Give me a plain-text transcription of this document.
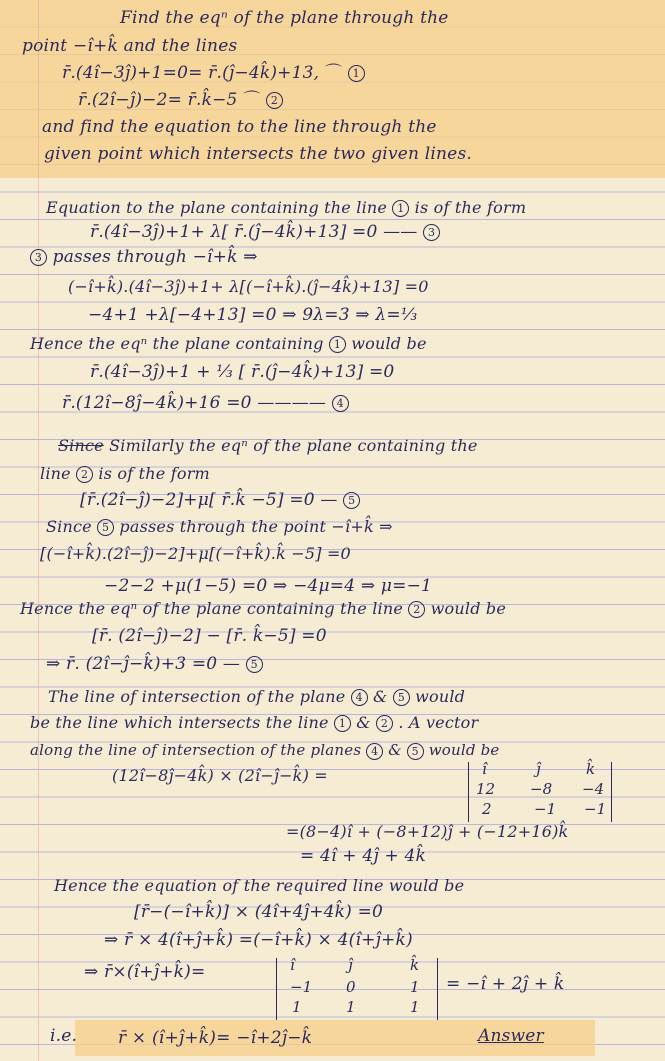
Find the eqⁿ of the plane through the
point −î+k̂ and the lines
r̄.(4î−3ĵ)+1=0= r̄.(ĵ−4k̂)+13, ⌒ 1
r̄.(2î−ĵ)−2= r̄.k̂−5 ⌒ 2
and find the equation to the line through the
given point which intersects the two given lines.
Equation to the plane containing the line 1 is of the form
r̄.(4î−3ĵ)+1+ λ[ r̄.(ĵ−4k̂)+13] =0 —— 3
3 passes through −î+k̂ ⇒
(−î+k̂).(4î−3ĵ)+1+ λ[(−î+k̂).(ĵ−4k̂)+13] =0
−4+1 +λ[−4+13] =0 ⇒ 9λ=3 ⇒ λ=⅓
Hence the eqⁿ the plane containing 1 would be
r̄.(4î−3ĵ)+1 + ⅓ [ r̄.(ĵ−4k̂)+13] =0
r̄.(12î−8ĵ−4k̂)+16 =0 ———— 4
Since Similarly the eqⁿ of the plane containing the
line 2 is of the form
[r̄.(2î−ĵ)−2]+μ[ r̄.k̂ −5] =0 — 5
Since 5 passes through the point −î+k̂ ⇒
[(−î+k̂).(2î−ĵ)−2]+μ[(−î+k̂).k̂ −5] =0
−2−2 +μ(1−5) =0 ⇒ −4μ=4 ⇒ μ=−1
Hence the eqⁿ of the plane containing the line 2 would be
[r̄. (2î−ĵ)−2] − [r̄. k̂−5] =0
⇒ r̄. (2î−ĵ−k̂)+3 =0 — 5
The line of intersection of the plane 4 & 5 would
be the line which intersects the line 1 & 2 . A vector
along the line of intersection of the planes 4 & 5 would be
(12î−8ĵ−4k̂) × (2î−ĵ−k̂) =	î	ĵ	k̂
12 −8 −4
2	−1 −1
=(8−4)î + (−8+12)ĵ + (−12+16)k̂
= 4î + 4ĵ + 4k̂
Hence the equation of the required line would be
[r̄−(−î+k̂)] × (4î+4ĵ+4k̂) =0
⇒ r̄ × 4(î+ĵ+k̂) =(−î+k̂) × 4(î+ĵ+k̂)
⇒ r̄×(î+ĵ+k̂)=	î	ĵ	k̂
−1 0	1
1	1	1
= −î + 2ĵ + k̂
i.e. r̄ × (î+ĵ+k̂)= −î+2ĵ−k̂	Answer
